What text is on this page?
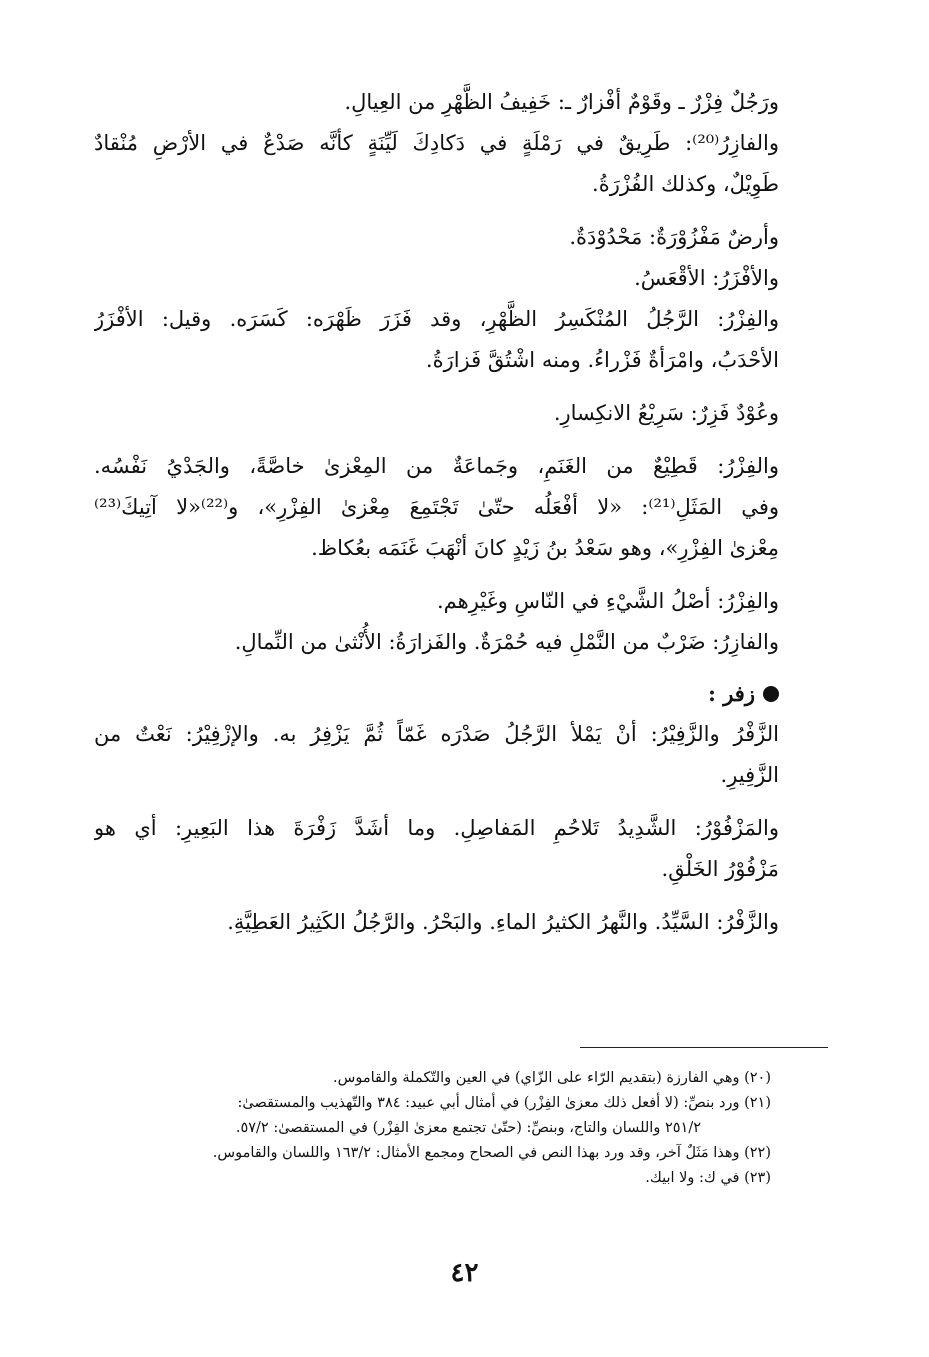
ورَجُلٌ فِزْرٌ ـ وقَوْمٌ أفْزارٌ ـ: خَفِيفُ الظَّهْرِ من العِيالِ.
والفازِرُ⁽²⁰⁾: طَرِيقٌ في رَمْلَةٍ في دَكادِكَ لَيِّنَةٍ كأنَّه صَدْعٌ في الأرْضِ مُنْقادٌ
طَوِيْلٌ، وكذلك الفُزْرَةُ.
وأرضٌ مَفْزُوْرَةٌ: مَحْدُوْدَةٌ.
والأفْزَرُ: الأقْعَسُ.
والفِزْرُ: الرَّجُلُ المُنْكَسِرُ الظَّهْرِ، وقد فَزَرَ ظَهْرَه: كَسَرَه. وقيل: الأفْزَرُ
الأحْدَبُ، وامْرَأةٌ فَزْراءُ. ومنه اشْتُقَّ فَزارَةُ.
وعُوْدٌ فَزِرٌ: سَرِيْعُ الانكِسارِ.
والفِزْرُ: قَطِيْعٌ من الغَنَمِ، وجَماعَةٌ من المِعْزىٰ خاصَّةً، والجَدْيُ نَفْسُه.
وفي المَثَلِ⁽²¹⁾: «لا أفْعَلُه حتّىٰ تَجْتَمِعَ مِعْزىٰ الفِزْرِ»، و⁽²²⁾«لا آتِيكَ⁽²³⁾
مِعْزىٰ الفِزْرِ»، وهو سَعْدُ بنُ زَيْدٍ كانَ أنْهَبَ غَنَمَه بعُكاظ.
والفِزْرُ: أصْلُ الشَّيْءِ في النّاسِ وغَيْرِهم.
والفازِرُ: ضَرْبٌ من النَّمْلِ فيه حُمْرَةٌ. والفَزارَةُ: الأُنْثىٰ من النِّمالِ.
زفر :
الزَّفْرُ والزَّفِيْرُ: أنْ يَمْلأ الرَّجُلُ صَدْرَه غَمّاً ثُمَّ يَزْفِرُ به. والإزْفِيْرُ: نَعْتٌ من
الزَّفِيرِ.
والمَزْفُوْرُ: الشَّدِيدُ تَلاحُمِ المَفاصِلِ. وما أشَدَّ زَفْرَةَ هذا البَعِيرِ: أي هو
مَزْفُوْرُ الخَلْقِ.
والزَّفْرُ: السَّيِّدُ. والنَّهرُ الكثيرُ الماءِ. والبَحْرُ. والرَّجُلُ الكَثِيرُ العَطِيَّةِ.
(٢٠) وهي الفارزة (بتقديم الرّاء على الزّاي) في العين والتّكملة والقاموس.
(٢١) ورد بنصِّ: (لا أفعل ذلك معزىٰ الفِزْر) في أمثال أبي عبيد: ٣٨٤ والتّهذيب والمستقصىٰ:
٢٥١/٢ واللسان والتاج، وبنصِّ: (حتّىٰ تجتمع معزىٰ الفِزْر) في المستقصىٰ: ٥٧/٢.
(٢٢) وهذا مَثَلٌ آخر، وقد ورد بهذا النص في الصحاح ومجمع الأمثال: ١٦٣/٢ واللسان والقاموس.
(٢٣) في ك: ولا ابيك.
٤٢
